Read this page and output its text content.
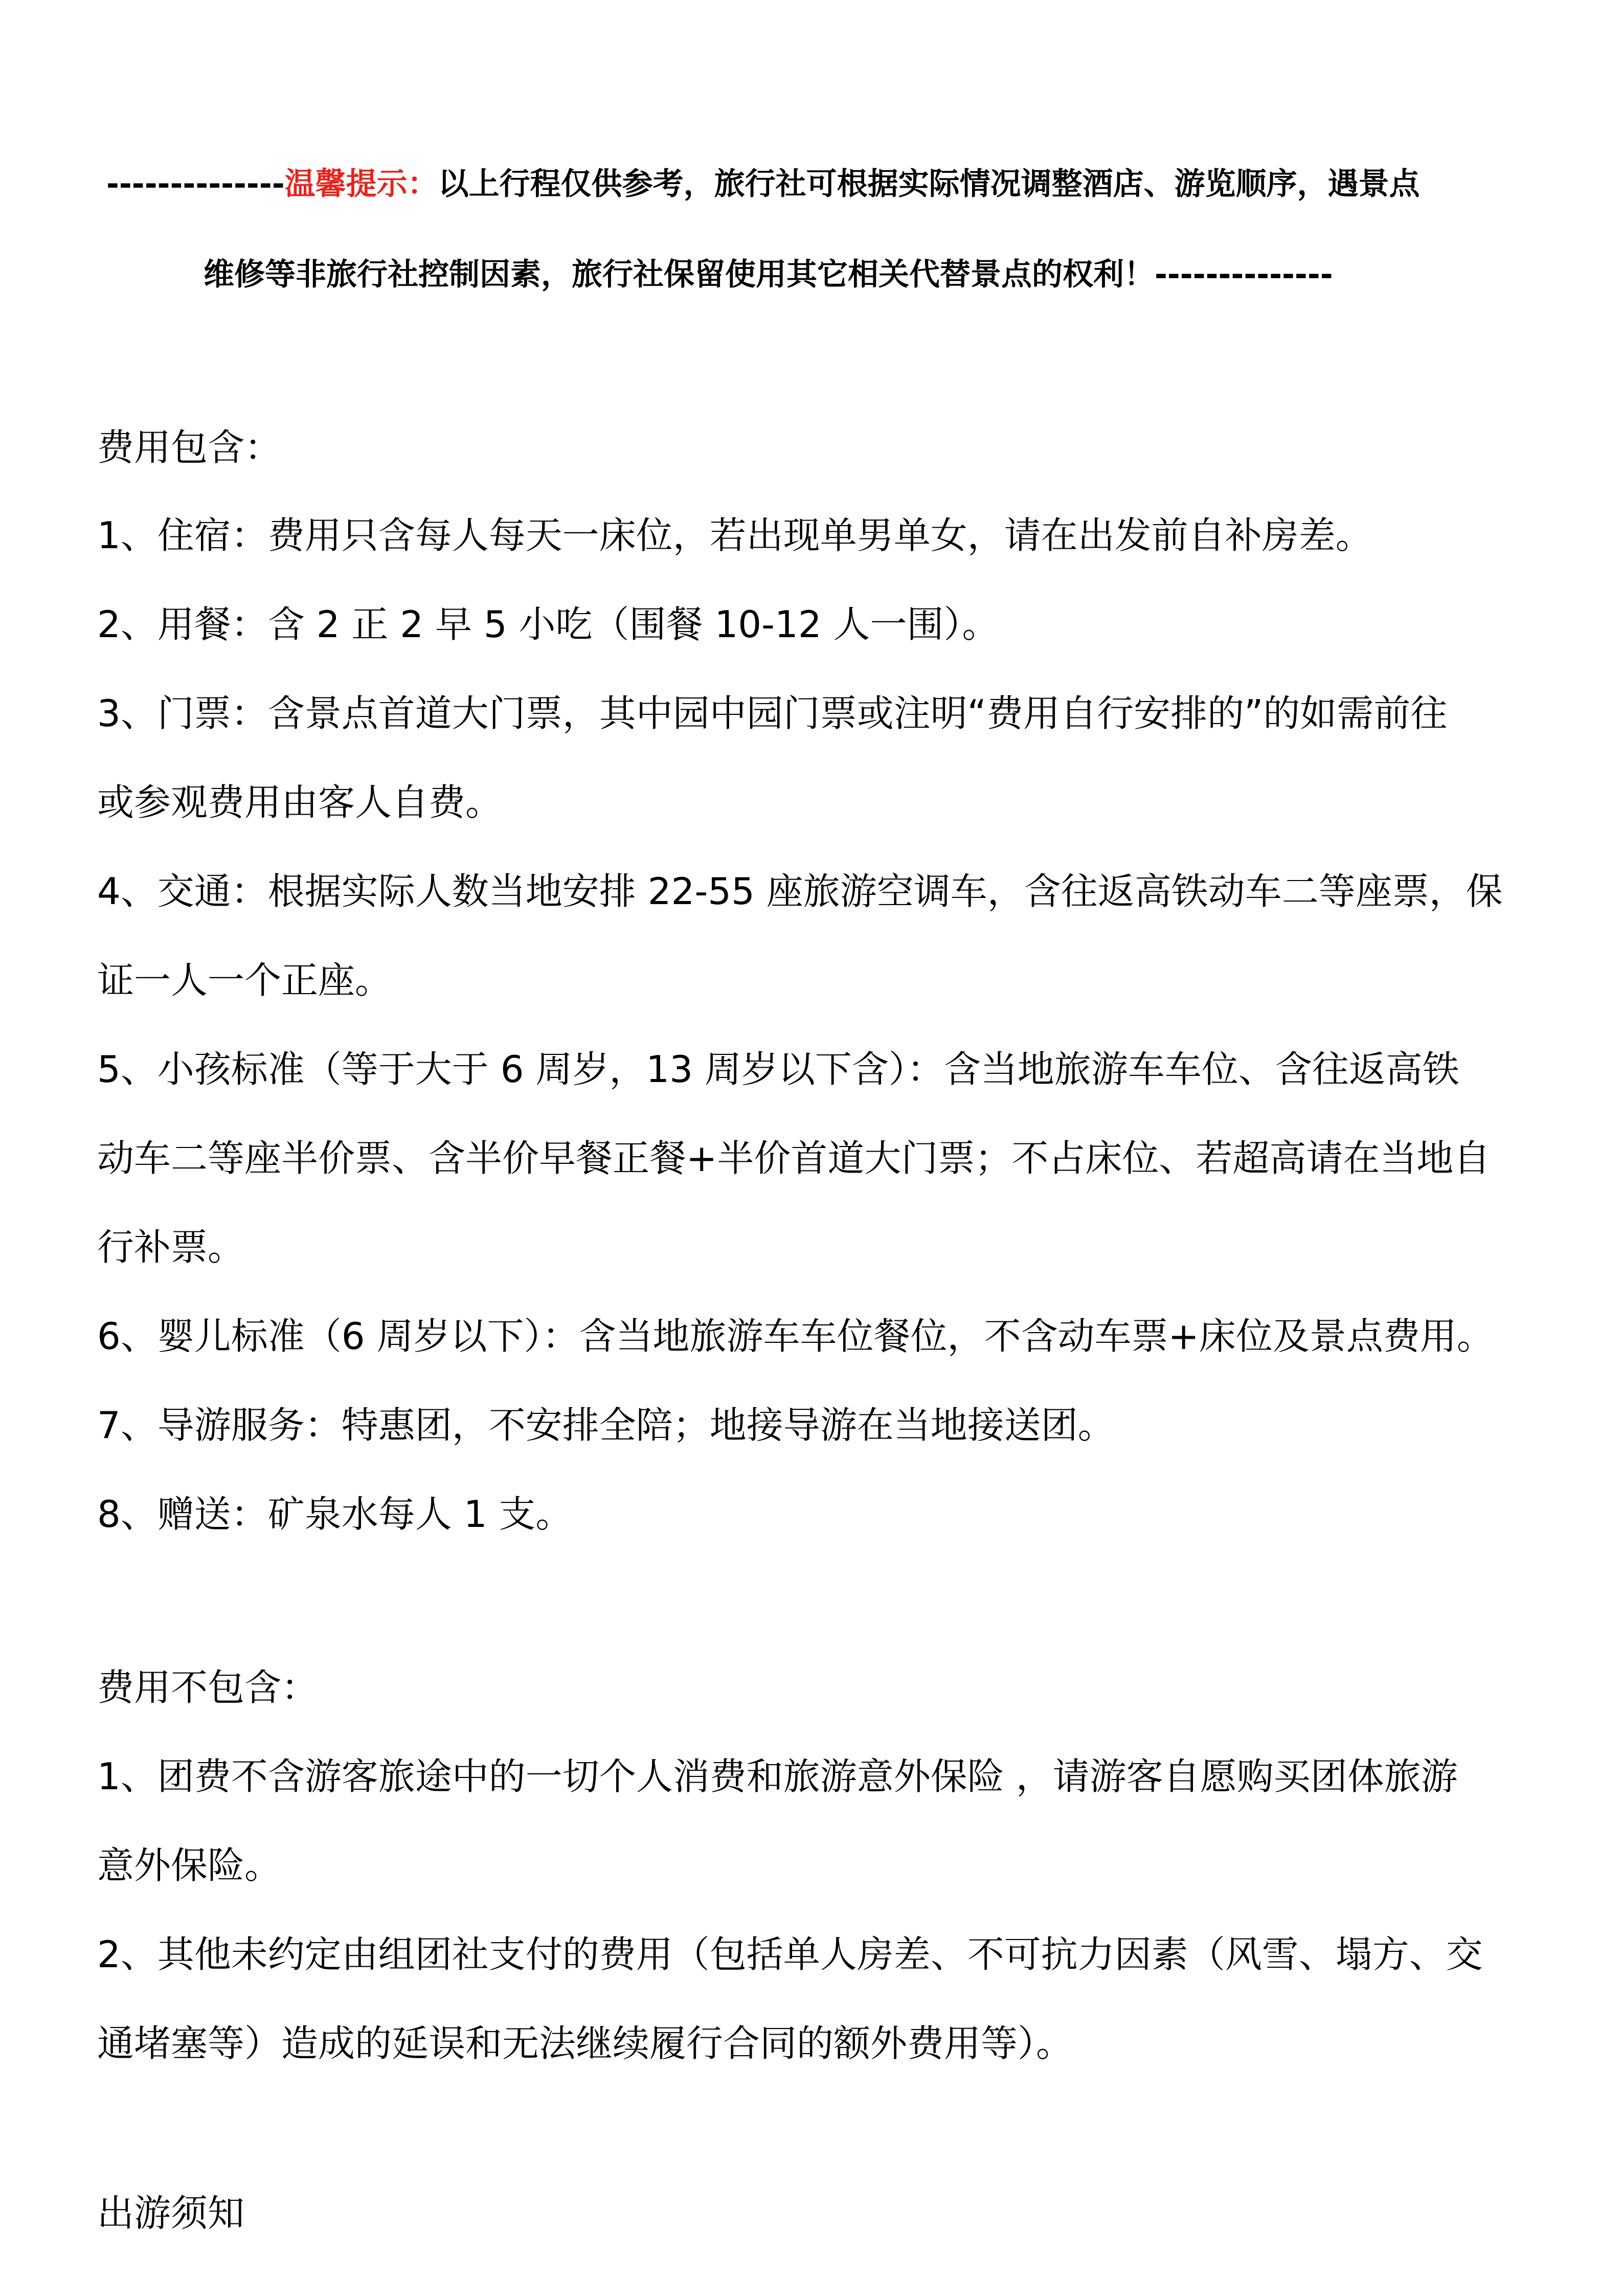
--------------温馨提示：以上行程仅供参考，旅行社可根据实际情况调整酒店、游览顺序，遇景点
维修等非旅行社控制因素，旅行社保留使用其它相关代替景点的权利！--------------
费用包含：
1、住宿：费用只含每人每天一床位，若出现单男单女，请在出发前自补房差。
2、用餐：含 2 正 2 早 5 小吃（围餐 10-12 人一围）。
3、门票：含景点首道大门票，其中园中园门票或注明“费用自行安排的”的如需前往
或参观费用由客人自费。
4、交通：根据实际人数当地安排 22-55 座旅游空调车，含往返高铁动车二等座票，保
证一人一个正座。
5、小孩标准（等于大于 6 周岁，13 周岁以下含）：含当地旅游车车位、含往返高铁
动车二等座半价票、含半价早餐正餐+半价首道大门票；不占床位、若超高请在当地自
行补票。
6、婴儿标准（6 周岁以下）：含当地旅游车车位餐位，不含动车票+床位及景点费用。
7、导游服务：特惠团，不安排全陪；地接导游在当地接送团。
8、赠送：矿泉水每人 1 支。
费用不包含：
1、团费不含游客旅途中的一切个人消费和旅游意外保险 ，请游客自愿购买团体旅游
意外保险。
2、其他未约定由组团社支付的费用（包括单人房差、不可抗力因素（风雪、塌方、交
通堵塞等）造成的延误和无法继续履行合同的额外费用等）。
出游须知
